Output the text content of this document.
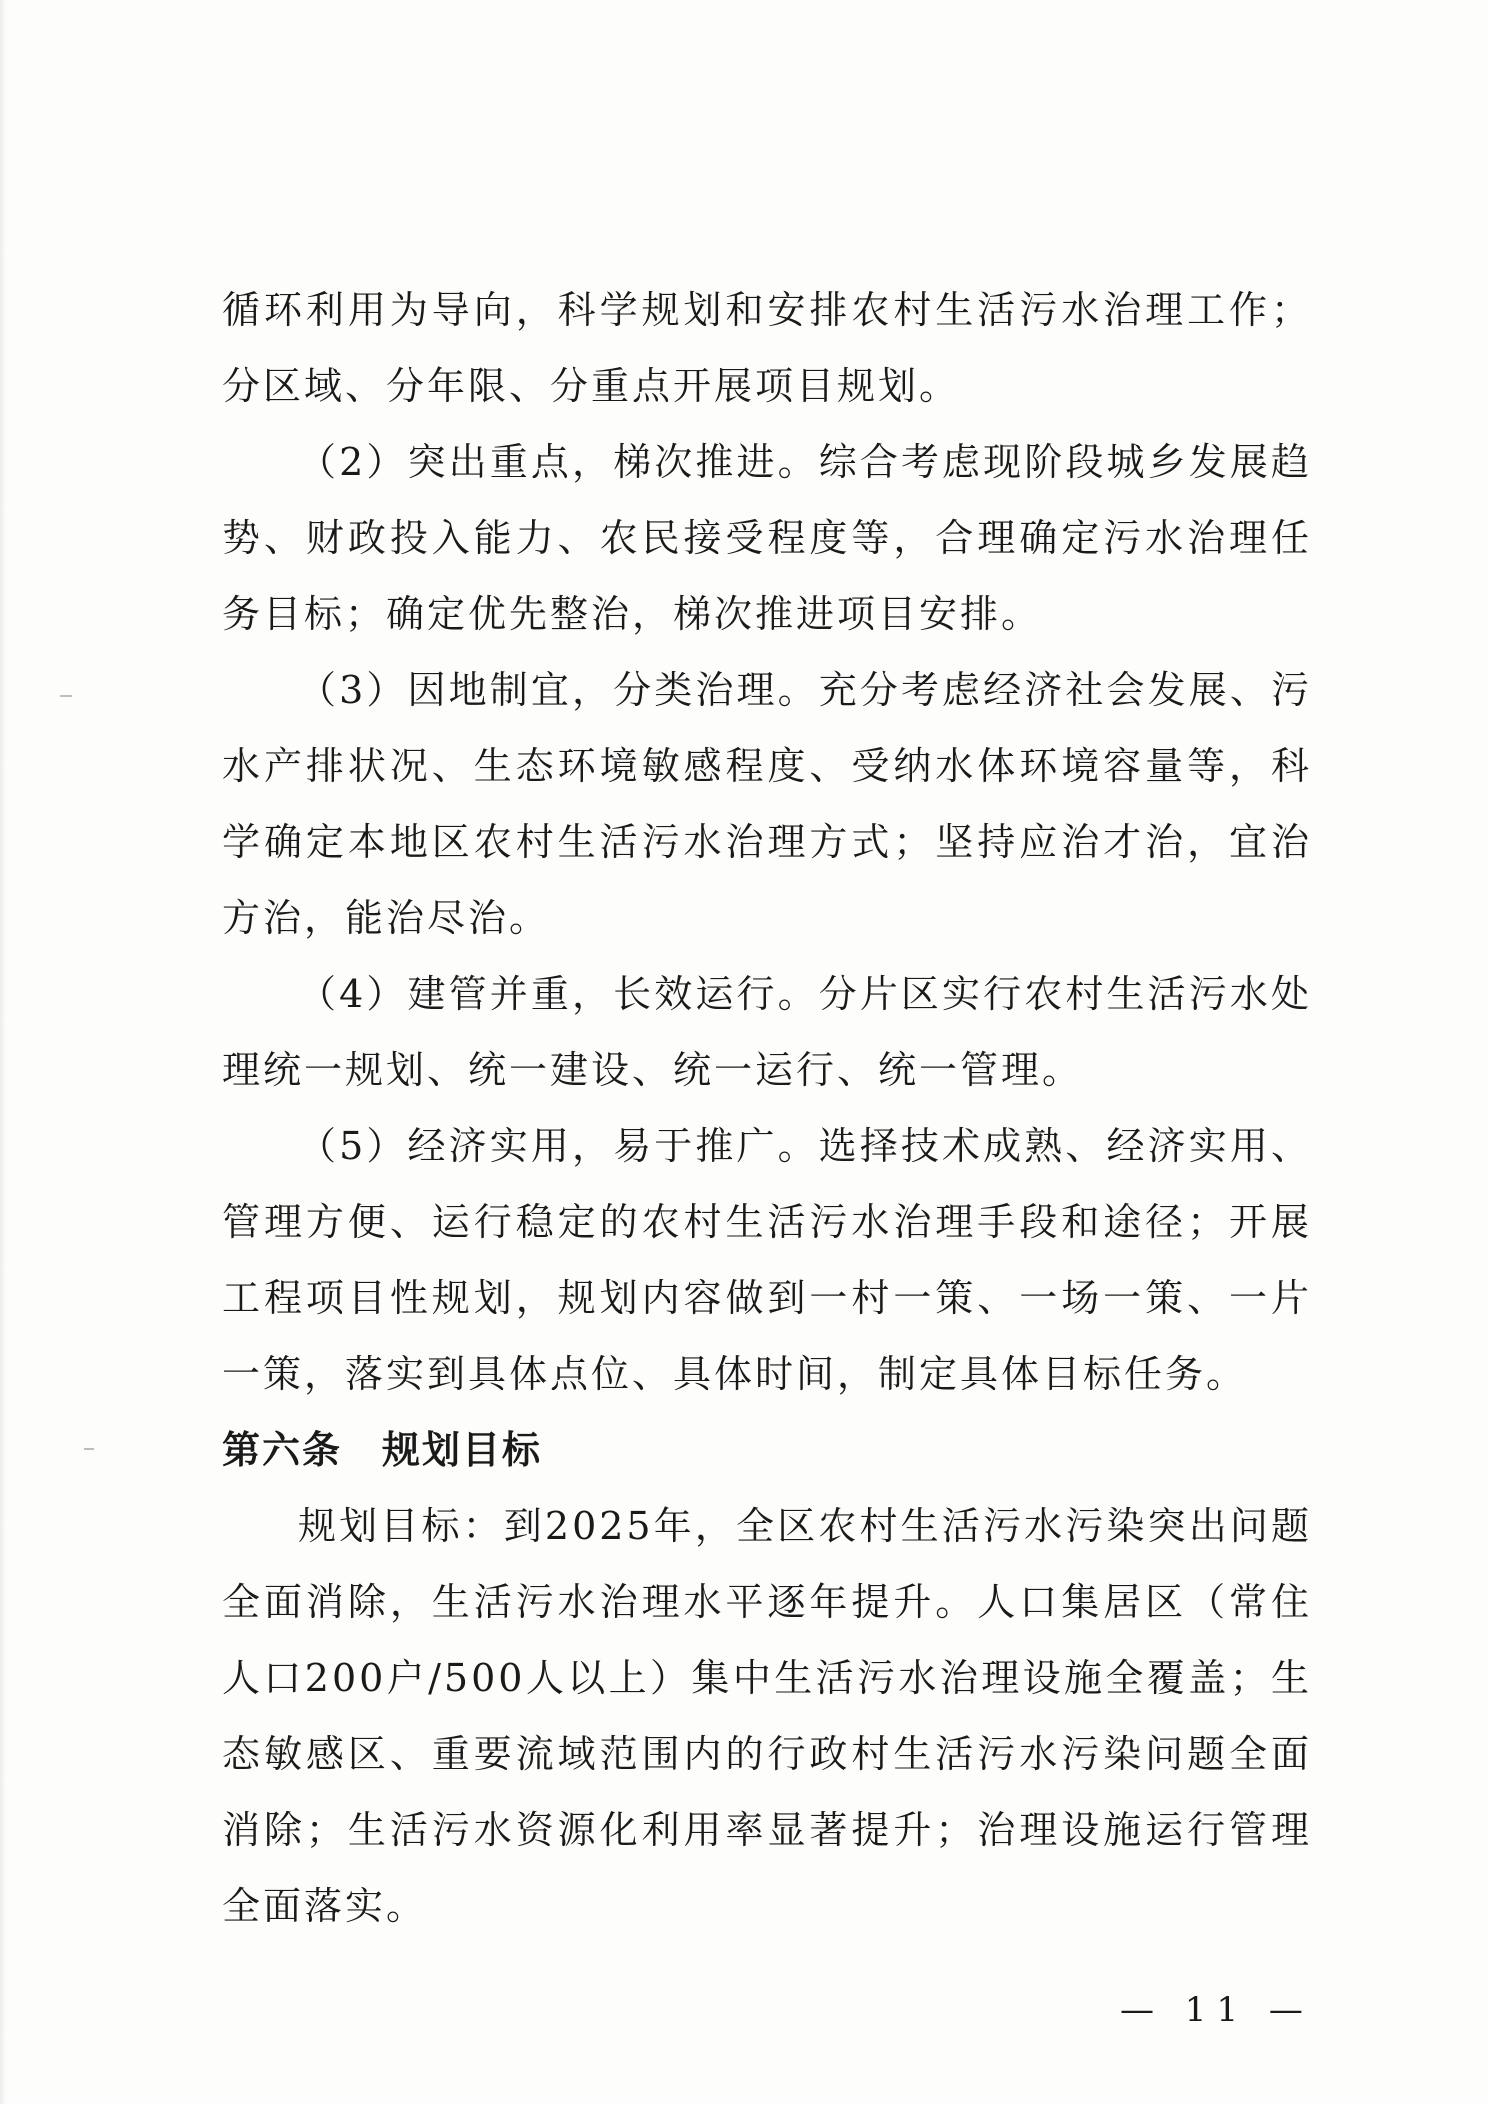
循环利用为导向，科学规划和安排农村生活污水治理工作；分区域、分年限、分重点开展项目规划。

（2）突出重点，梯次推进。综合考虑现阶段城乡发展趋势、财政投入能力、农民接受程度等，合理确定污水治理任务目标；确定优先整治，梯次推进项目安排。

（3）因地制宜，分类治理。充分考虑经济社会发展、污水产排状况、生态环境敏感程度、受纳水体环境容量等，科学确定本地区农村生活污水治理方式；坚持应治才治，宜治方治，能治尽治。

（4）建管并重，长效运行。分片区实行农村生活污水处理统一规划、统一建设、统一运行、统一管理。

（5）经济实用，易于推广。选择技术成熟、经济实用、管理方便、运行稳定的农村生活污水治理手段和途径；开展工程项目性规划，规划内容做到一村一策、一场一策、一片一策，落实到具体点位、具体时间，制定具体目标任务。

第六条 规划目标

规划目标：到2025年，全区农村生活污水污染突出问题全面消除，生活污水治理水平逐年提升。人口集居区（常住人口200户/500人以上）集中生活污水治理设施全覆盖；生态敏感区、重要流域范围内的行政村生活污水污染问题全面消除；生活污水资源化利用率显著提升；治理设施运行管理全面落实。

— 11 —
